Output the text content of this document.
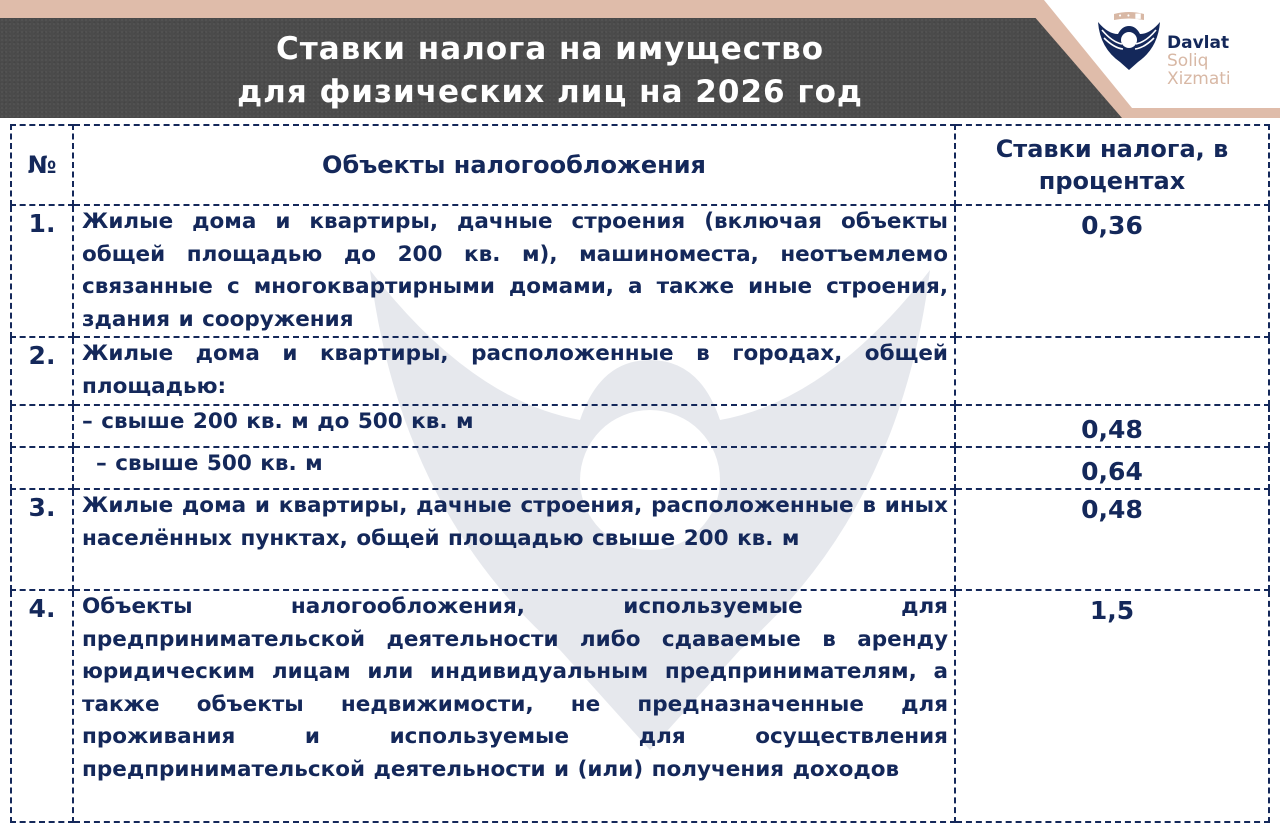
Ставки налога на имущество
для физических лиц на 2026 год
• • ■ • •
Davlat
Soliq
Xizmati
№	Объекты налогообложения	Ставки налога, в процентах
1.	Жилые дома и квартиры, дачные строения (включая объекты общей площадью до 200 кв. м), машиноместа, неотъемлемо связанные с многоквартирными домами, а также иные строения, здания и сооружения	0,36
2.	Жилые дома и квартиры, расположенные в городах, общей площадью:	
	– свыше 200 кв. м до 500 кв. м	0,48
	– свыше 500 кв. м	0,64
3.	Жилые дома и квартиры, дачные строения, расположенные в иных населённых пунктах, общей площадью свыше 200 кв. м	0,48
4.	Объекты налогообложения, используемые для предпринимательской деятельности либо сдаваемые в аренду юридическим лицам или индивидуальным предпринимателям, а также объекты недвижимости, не предназначенные для проживания и используемые для осуществления предпринимательской деятельности и (или) получения доходов	1,5
